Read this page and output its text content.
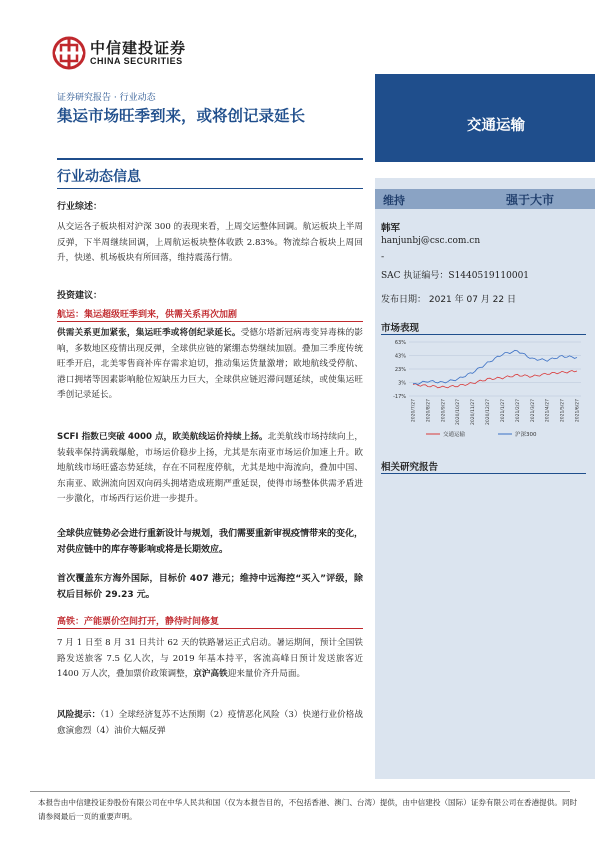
中信建投证券
CHINA SECURITIES
证券研究报告 · 行业动态
集运市场旺季到来，或将创记录延长
行业动态信息
交通运输
维持	强于大市
韩军
hanjunbj@csc.com.cn
-
SAC 执证编号：S1440519110001
发布日期： 2021 年 07 月 22 日
市场表现
63%
43%
23%
3%
-17%
2020/7/27 2020/8/27 2020/9/27 2020/10/27 2020/11/27 2020/12/27 2021/1/27 2021/2/27 2021/3/27 2021/4/27 2021/5/27 2021/6/27
交通运输	沪深300
相关研究报告
行业综述：
从交运各子板块相对沪深 300 的表现来看，上周交运整体回调。航运板块上半周反弹，下半周继续回调，上周航运板块整体收跌 2.83%。物流综合板块上周回升，快递、机场板块有所回落，维持震荡行情。
投资建议：
航运：集运超级旺季到来，供需关系再次加剧
供需关系更加紧张，集运旺季或将创纪录延长。受德尔塔新冠病毒变异毒株的影响，多数地区疫情出现反弹，全球供应链的紧绷态势继续加剧。叠加三季度传统旺季开启，北美零售商补库存需求迫切，推动集运货量激增；欧地航线受停航、港口拥堵等因素影响舱位短缺压力巨大，全球供应链迟滞问题延续，或使集运旺季创记录延长。
SCFI 指数已突破 4000 点，欧美航线运价持续上扬。北美航线市场持续向上，装载率保持满载爆舱，市场运价稳步上扬，尤其是东南亚市场运价加速上升。欧地航线市场旺盛态势延续，存在不同程度停航，尤其是地中海流向，叠加中国、东南亚、欧洲流向因双向码头拥堵造成班期严重延误，使得市场整体供需矛盾进一步激化，市场西行运价进一步提升。
全球供应链势必会进行重新设计与规划，我们需要重新审视疫情带来的变化，对供应链中的库存等影响或将是长期效应。
首次覆盖东方海外国际，目标价 407 港元；维持中远海控“买入”评级，除权后目标价 29.23 元。
高铁：产能票价空间打开，静待时间修复
7 月 1 日至 8 月 31 日共计 62 天的铁路暑运正式启动。暑运期间，预计全国铁路发送旅客 7.5 亿人次，与 2019 年基本持平，客流高峰日预计发送旅客近 1400 万人次，叠加票价政策调整，京沪高铁迎来量价齐升局面。
风险提示：（1）全球经济复苏不达预期（2）疫情恶化风险（3）快递行业价格战愈演愈烈（4）油价大幅反弹
本报告由中信建投证券股份有限公司在中华人民共和国（仅为本报告目的，不包括香港、澳门、台湾）提供，由中信建投（国际）证券有限公司在香港提供。同时请参阅最后一页的重要声明。
